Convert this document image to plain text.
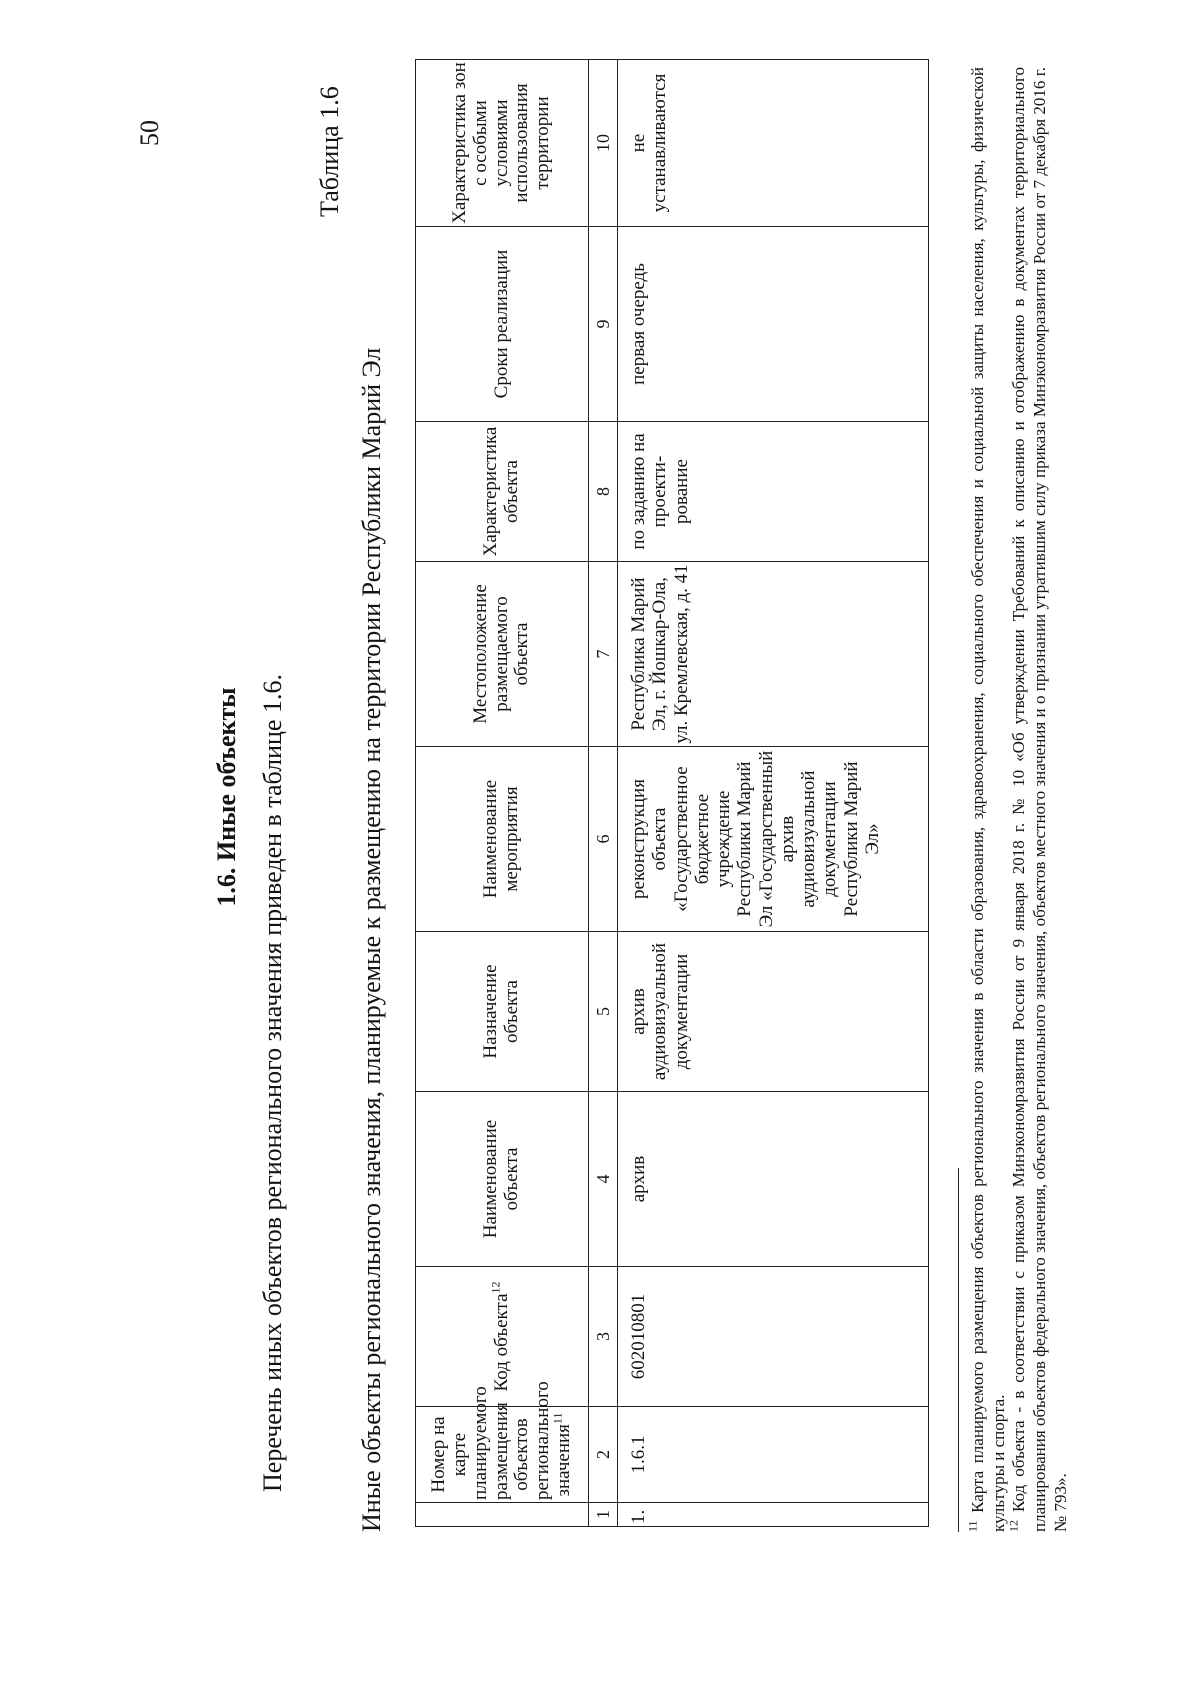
50
1.6. Иные объекты Перечень иных объектов регионального значения приведен в таблице 1.6.
Таблица 1.6
Иные объекты регионального значения, планируемые к размещению на территории Республики Марий Эл
	Номер на карте планируемого размещения объектов регионального значения$^{11}$	Код объекта$^{12}$	Наименование объекта	Назначение объекта	Наименование мероприятия	Местоположение размещаемого объекта	Характеристика объекта	Сроки реализации	Характеристика зон с особыми условиями использования территории
1	2	3	4	5	6	7	8	9	10
1.	1.6.1	602010801	архив	архив аудиовизуальной документации	реконструкция объекта «Государственное бюджетное учреждение Республики Марий Эл «Государственный архив аудиовизуальной документации Республики Марий Эл»	Республика Марий Эл, г. Йошкар-Ола, ул. Кремлевская, д. 41	по заданию на проекти-рование	первая очередь	не устанавливаются

$^{11}$ Карта планируемого размещения объектов регионального значения в области образования, здравоохранения, социального обеспечения и социальной защиты населения, культуры, физической культуры и спорта. $^{12}$ Код объекта - в соответствии с приказом Минэкономразвития России от 9 января 2018 г. № 10 «Об утверждении Требований к описанию и отображению в документах территориального планирования объектов федерального значения, объектов регионального значения, объектов местного значения и о признании утратившим силу приказа Минэкономразвития России от 7 декабря 2016 г. № 793».
